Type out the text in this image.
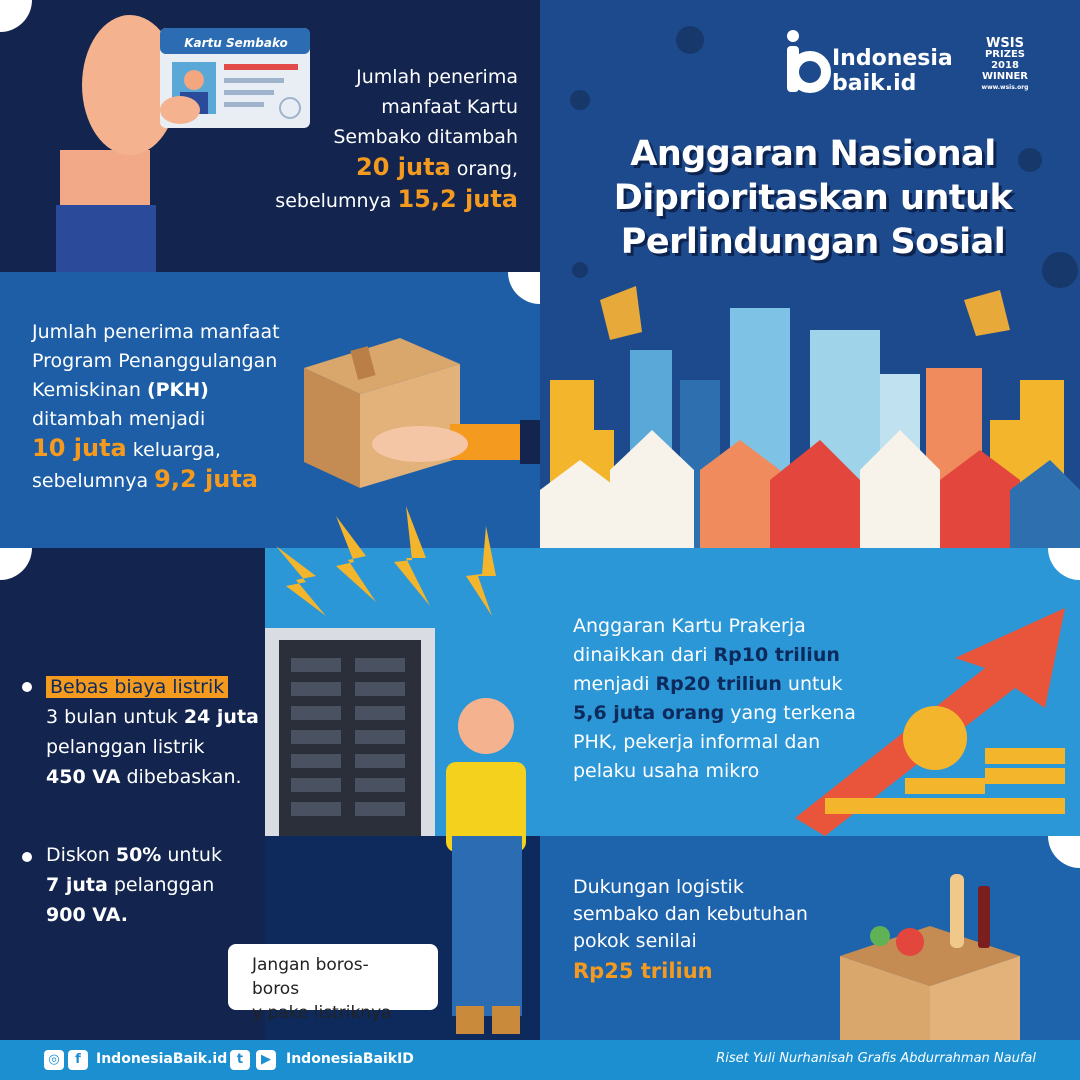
Kartu Sembako
Jumlah penerima
manfaat Kartu
Sembako ditambah
20 juta orang,
sebelumnya 15,2 juta
Jumlah penerima manfaat
Program Penanggulangan
Kemiskinan (PKH)
ditambah menjadi
10 juta keluarga,
sebelumnya 9,2 juta
Indonesia
baik.id
WSIS
PRIZES
2018
WINNER
www.wsis.org
Anggaran Nasional
Diprioritaskan untuk
Perlindungan Sosial
Anggaran Kartu Prakerja
dinaikkan dari Rp10 triliun
menjadi Rp20 triliun untuk
5,6 juta orang yang terkena
PHK, pekerja informal dan
pelaku usaha mikro
Dukungan logistik
sembako dan kebutuhan
pokok senilai
Rp25 triliun
Bebas biaya listrik
3 bulan untuk 24 juta
pelanggan listrik
450 VA dibebaskan.
Diskon 50% untuk
7 juta pelanggan
900 VA.
Jangan boros-boros
y pake listriknya
◎	f	IndonesiaBaik.id t	▶	IndonesiaBaikID	Riset Yuli Nurhanisah Grafis Abdurrahman Naufal
